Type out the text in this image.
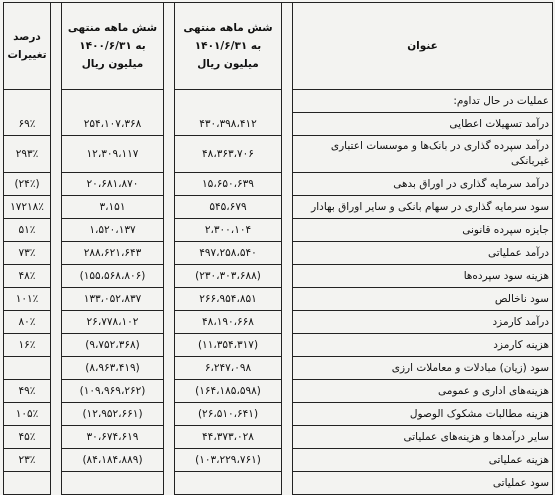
درصد تغییرات		شش ماهه منتهی به ۱۴۰۰/۶/۳۱ میلیون ریال		شش ماهه منتهی به ۱۴۰۱/۶/۳۱ میلیون ریال		عنوان
						عملیات در حال تداوم:
۶۹٪		۲۵۴،۱۰۷،۳۶۸		۴۳۰،۳۹۸،۴۱۲		درآمد تسهیلات اعطایی
۲۹۳٪		۱۲،۳۰۹،۱۱۷		۴۸،۳۶۳،۷۰۶		درآمد سپرده گذاری در بانک‌ها و موسسات اعتباری غیربانکی
(۲۴٪)		۲۰،۶۸۱،۸۷۰		۱۵،۶۵۰،۶۳۹		درآمد سرمایه گذاری در اوراق بدهی
۱۷۲۱۸٪		۳،۱۵۱		۵۴۵،۶۷۹		سود سرمایه گذاری در سهام بانکی و سایر اوراق بهادار
۵۱٪		۱،۵۲۰،۱۳۷		۲،۳۰۰،۱۰۴		جایزه سپرده قانونی
۷۳٪		۲۸۸،۶۲۱،۶۴۳		۴۹۷،۲۵۸،۵۴۰		درآمد عملیاتی
۴۸٪		(۱۵۵،۵۶۸،۸۰۶)		(۲۳۰،۳۰۳،۶۸۸)		هزینه سود سپرده‌ها
۱۰۱٪		۱۳۳،۰۵۲،۸۳۷		۲۶۶،۹۵۴،۸۵۱		سود ناخالص
۸۰٪		۲۶،۷۷۸،۱۰۲		۴۸،۱۹۰،۶۶۸		درآمد کارمزد
۱۶٪		(۹،۷۵۲،۳۶۸)		(۱۱،۳۵۴،۳۱۷)		هزینه کارمزد
		(۸،۹۶۳،۴۱۹)		۶،۲۴۷،۰۹۸		سود (زیان) مبادلات و معاملات ارزی
۴۹٪		(۱۰۹،۹۶۹،۲۶۲)		(۱۶۴،۱۸۵،۵۹۸)		هزینه‌های اداری و عمومی
۱۰۵٪		(۱۲،۹۵۲،۶۶۱)		(۲۶،۵۱۰،۶۴۱)		هزینه مطالبات مشکوک الوصول
۴۵٪		۳۰،۶۷۴،۶۱۹		۴۴،۳۷۳،۰۲۸		سایر درآمدها و هزینه‌های عملیاتی
۲۳٪		(۸۴،۱۸۴،۸۸۹)		(۱۰۳،۲۲۹،۷۶۱)		هزینه عملیاتی
						سود عملیاتی
